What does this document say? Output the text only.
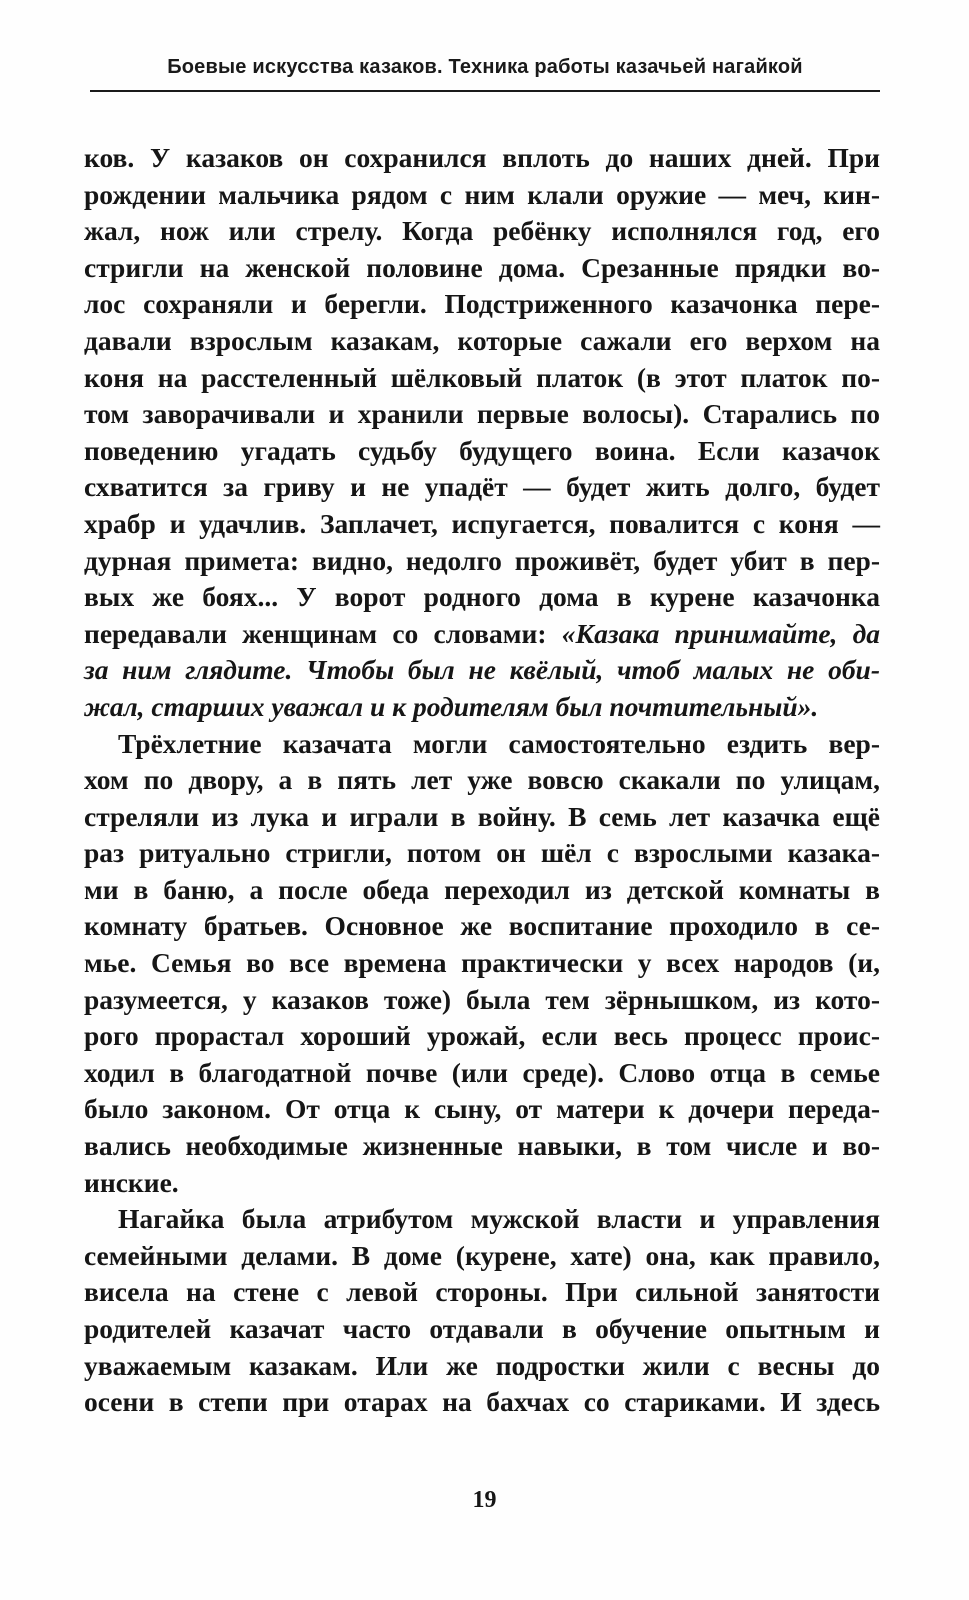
Боевые искусства казаков. Техника работы казачьей нагайкой
ков. У казаков он сохранился вплоть до наших дней. При
рождении мальчика рядом с ним клали оружие — меч, кин-
жал, нож или стрелу. Когда ребёнку исполнялся год, его
стригли на женской половине дома. Срезанные прядки во-
лос сохраняли и берегли. Подстриженного казачонка пере-
давали взрослым казакам, которые сажали его верхом на
коня на расстеленный шёлковый платок (в этот платок по-
том заворачивали и хранили первые волосы). Старались по
поведению угадать судьбу будущего воина. Если казачок
схватится за гриву и не упадёт — будет жить долго, будет
храбр и удачлив. Заплачет, испугается, повалится с коня —
дурная примета: видно, недолго проживёт, будет убит в пер-
вых же боях... У ворот родного дома в курене казачонка
передавали женщинам со словами: «Казака принимайте, да
за ним глядите. Чтобы был не квёлый, чтоб малых не оби-
жал, старших уважал и к родителям был почтительный».
Трёхлетние казачата могли самостоятельно ездить вер-
хом по двору, а в пять лет уже вовсю скакали по улицам,
стреляли из лука и играли в войну. В семь лет казачка ещё
раз ритуально стригли, потом он шёл с взрослыми казака-
ми в баню, а после обеда переходил из детской комнаты в
комнату братьев. Основное же воспитание проходило в се-
мье. Семья во все времена практически у всех народов (и,
разумеется, у казаков тоже) была тем зёрнышком, из кото-
рого прорастал хороший урожай, если весь процесс проис-
ходил в благодатной почве (или среде). Слово отца в семье
было законом. От отца к сыну, от матери к дочери переда-
вались необходимые жизненные навыки, в том числе и во-
инские.
Нагайка была атрибутом мужской власти и управления
семейными делами. В доме (курене, хате) она, как правило,
висела на стене с левой стороны. При сильной занятости
родителей казачат часто отдавали в обучение опытным и
уважаемым казакам. Или же подростки жили с весны до
осени в степи при отарах на бахчах со стариками. И здесь
19
